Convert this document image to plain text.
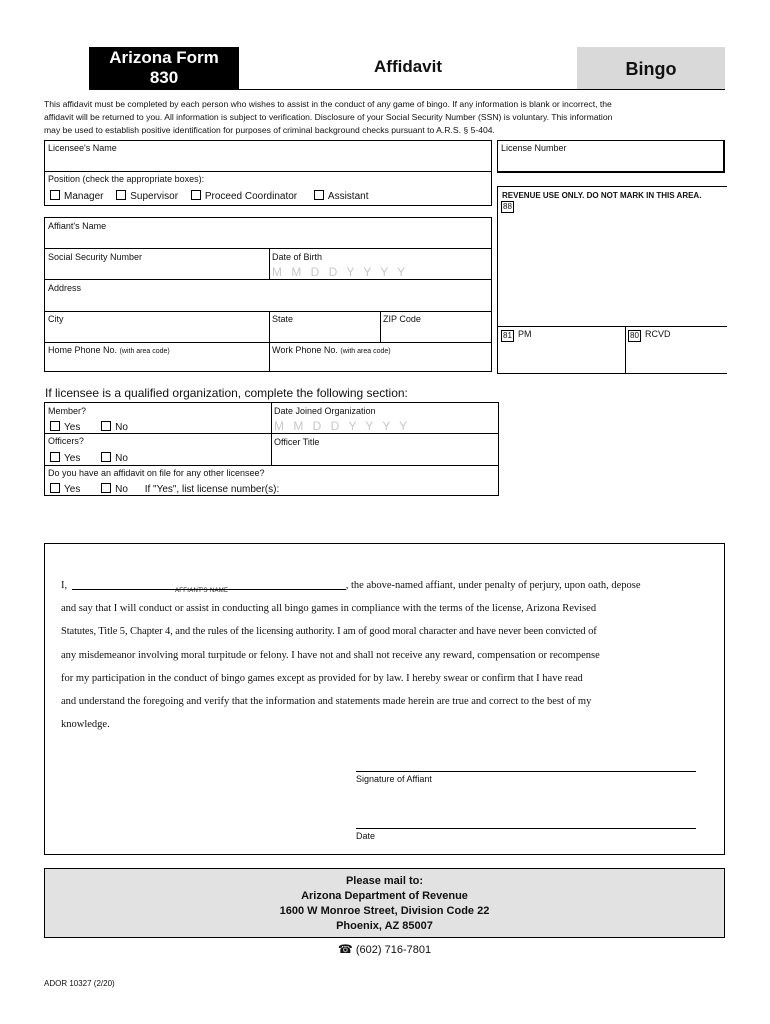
Arizona Form
830
Affidavit	Bingo
This affidavit must be completed by each person who wishes to assist in the conduct of any game of bingo. If any information is blank or incorrect, the
affidavit will be returned to you. All information is subject to verification. Disclosure of your Social Security Number (SSN) is voluntary. This information
may be used to establish positive identification for purposes of criminal background checks pursuant to A.R.S. § 5-404.
Licensee's Name
Position (check the appropriate boxes):
Manager	Supervisor	Proceed Coordinator	Assistant
License Number
Affiant's Name
Social Security Number	Date of Birth
M M D D Y Y Y Y
Address
City	State	ZIP Code
Home Phone No. (with area code)	Work Phone No. (with area code)
REVENUE USE ONLY. DO NOT MARK IN THIS AREA.
88
81 PM	80 RCVD
If licensee is a qualified organization, complete the following section:
Member?
Yes	No
Date Joined Organization
M M D D Y Y Y Y
Officers?
Yes	No
Officer Title
Do you have an affidavit on file for any other licensee?
Yes	No If "Yes", list license number(s):
I,	, the above-named affiant, under penalty of perjury, upon oath, depose
AFFIANT'S NAME
and say that I will conduct or assist in conducting all bingo games in compliance with the terms of the license, Arizona Revised
Statutes, Title 5, Chapter 4, and the rules of the licensing authority. I am of good moral character and have never been convicted of
any misdemeanor involving moral turpitude or felony. I have not and shall not receive any reward, compensation or recompense
for my participation in the conduct of bingo games except as provided for by law. I hereby swear or confirm that I have read
and understand the foregoing and verify that the information and statements made herein are true and correct to the best of my
knowledge.
Signature of Affiant
Date
Please mail to:
Arizona Department of Revenue
1600 W Monroe Street, Division Code 22
Phoenix, AZ 85007
☎ (602) 716-7801
ADOR 10327 (2/20)
